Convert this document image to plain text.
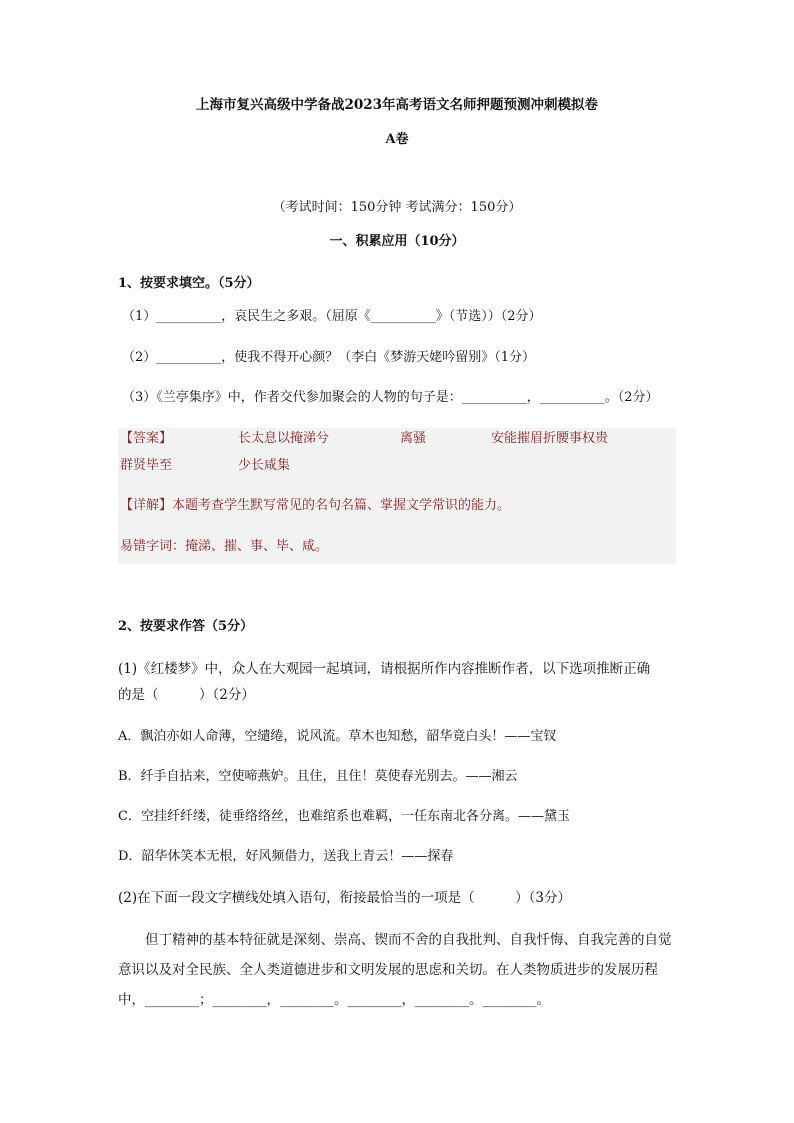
上海市复兴高级中学备战2023年高考语文名师押题预测冲刺模拟卷
A卷
（考试时间：150分钟 考试满分：150分）
一、积累应用（10分）
1、按要求填空。（5分）
（1）__________，哀民生之多艰。（屈原《__________》（节选））（2分）
（2）__________，使我不得开心颜？（李白《梦游天姥吟留别》（1分）
（3）《兰亭集序》中，作者交代参加聚会的人物的句子是：__________，__________。（2分）
【答案】	长太息以掩涕兮	离骚	安能摧眉折腰事权贵
群贤毕至	少长咸集
【详解】本题考查学生默写常见的名句名篇、掌握文学常识的能力。
易错字词：掩涕、摧、事、毕、咸。
2、按要求作答（5分）
(1)《红楼梦》中，众人在大观园一起填词，请根据所作内容推断作者，以下选项推断正确
的是（　　　）（2分）
A．飘泊亦如人命薄，空缱绻，说风流。草木也知愁，韶华竟白头！——宝钗
B．纤手自拈来，空使啼燕妒。且住，且住！莫使春光别去。——湘云
C．空挂纤纤缕，徒垂络络丝，也难绾系也难羁，一任东南北各分离。——黛玉
D．韶华休笑本无根，好风频借力，送我上青云！——探春
(2)在下面一段文字横线处填入语句，衔接最恰当的一项是（　　　）（3分）
但丁精神的基本特征就是深刻、崇高、锲而不舍的自我批判、自我忏悔、自我完善的自觉意识以及对全民族、全人类道德进步和文明发展的思虑和关切。在人类物质进步的发展历程中，________；________，________。________，________。________。
